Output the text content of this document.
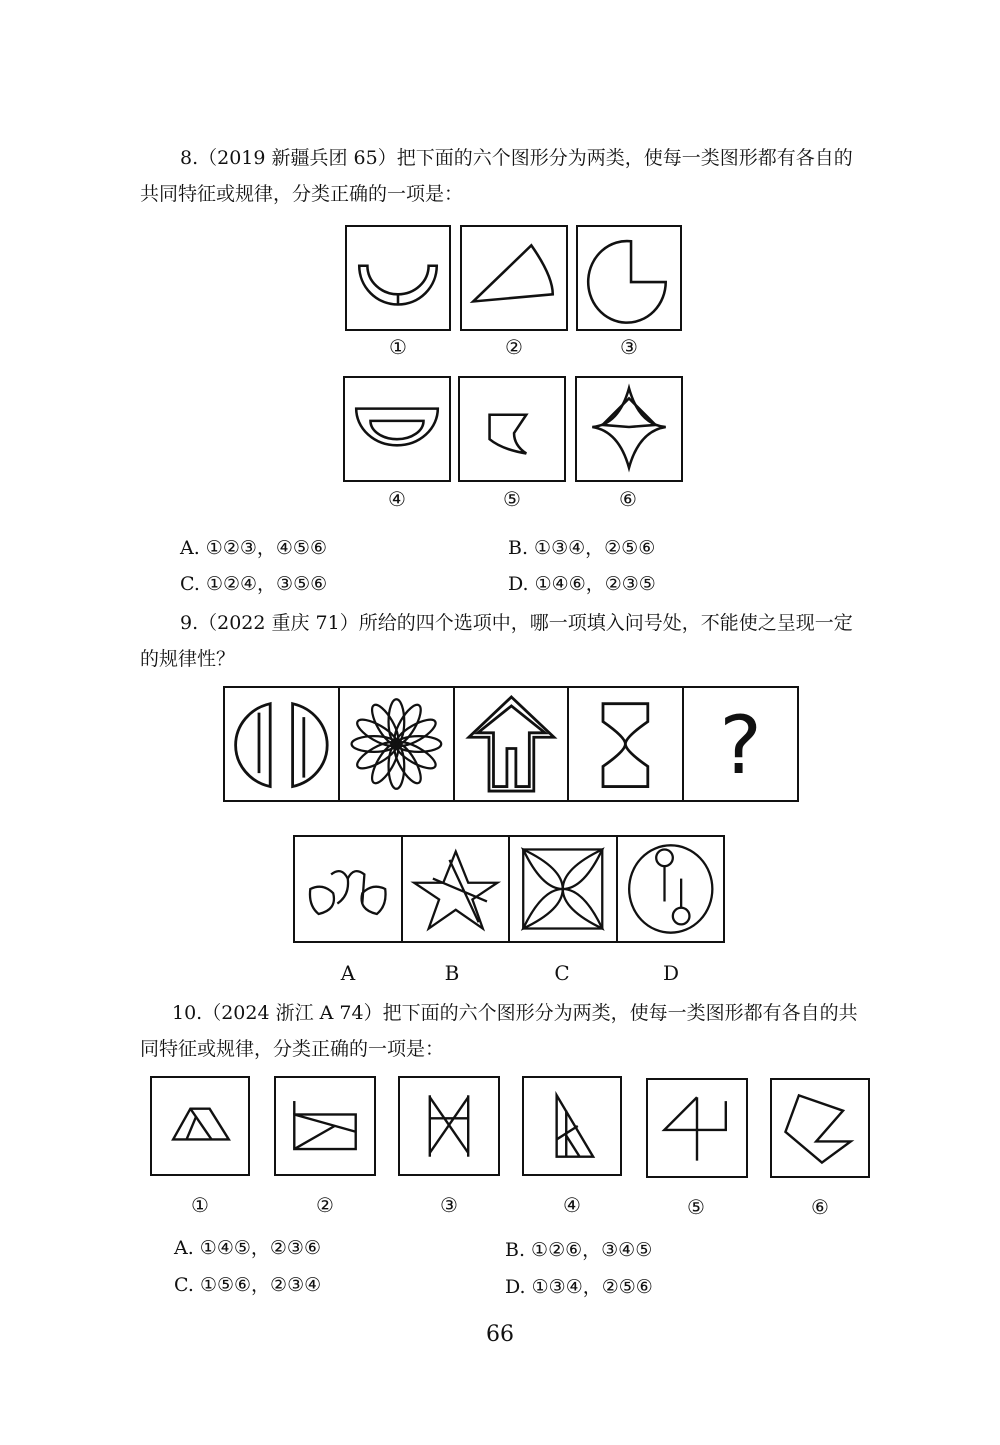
8.（2019 新疆兵团 65）把下面的六个图形分为两类，使每一类图形都有各自的
共同特征或规律，分类正确的一项是：
①	②	③
④	⑤	⑥
A. ①②③，④⑤⑥	B. ①③④，②⑤⑥
C. ①②④，③⑤⑥	D. ①④⑥，②③⑤
9.（2022 重庆 71）所给的四个选项中，哪一项填入问号处，不能使之呈现一定
的规律性？
?
A	B	C	D
10.（2024 浙江 A 74）把下面的六个图形分为两类，使每一类图形都有各自的共
同特征或规律，分类正确的一项是：
①	②	③	④	⑤	⑥
A. ①④⑤，②③⑥	B. ①②⑥，③④⑤
C. ①⑤⑥，②③④	D. ①③④，②⑤⑥
66
